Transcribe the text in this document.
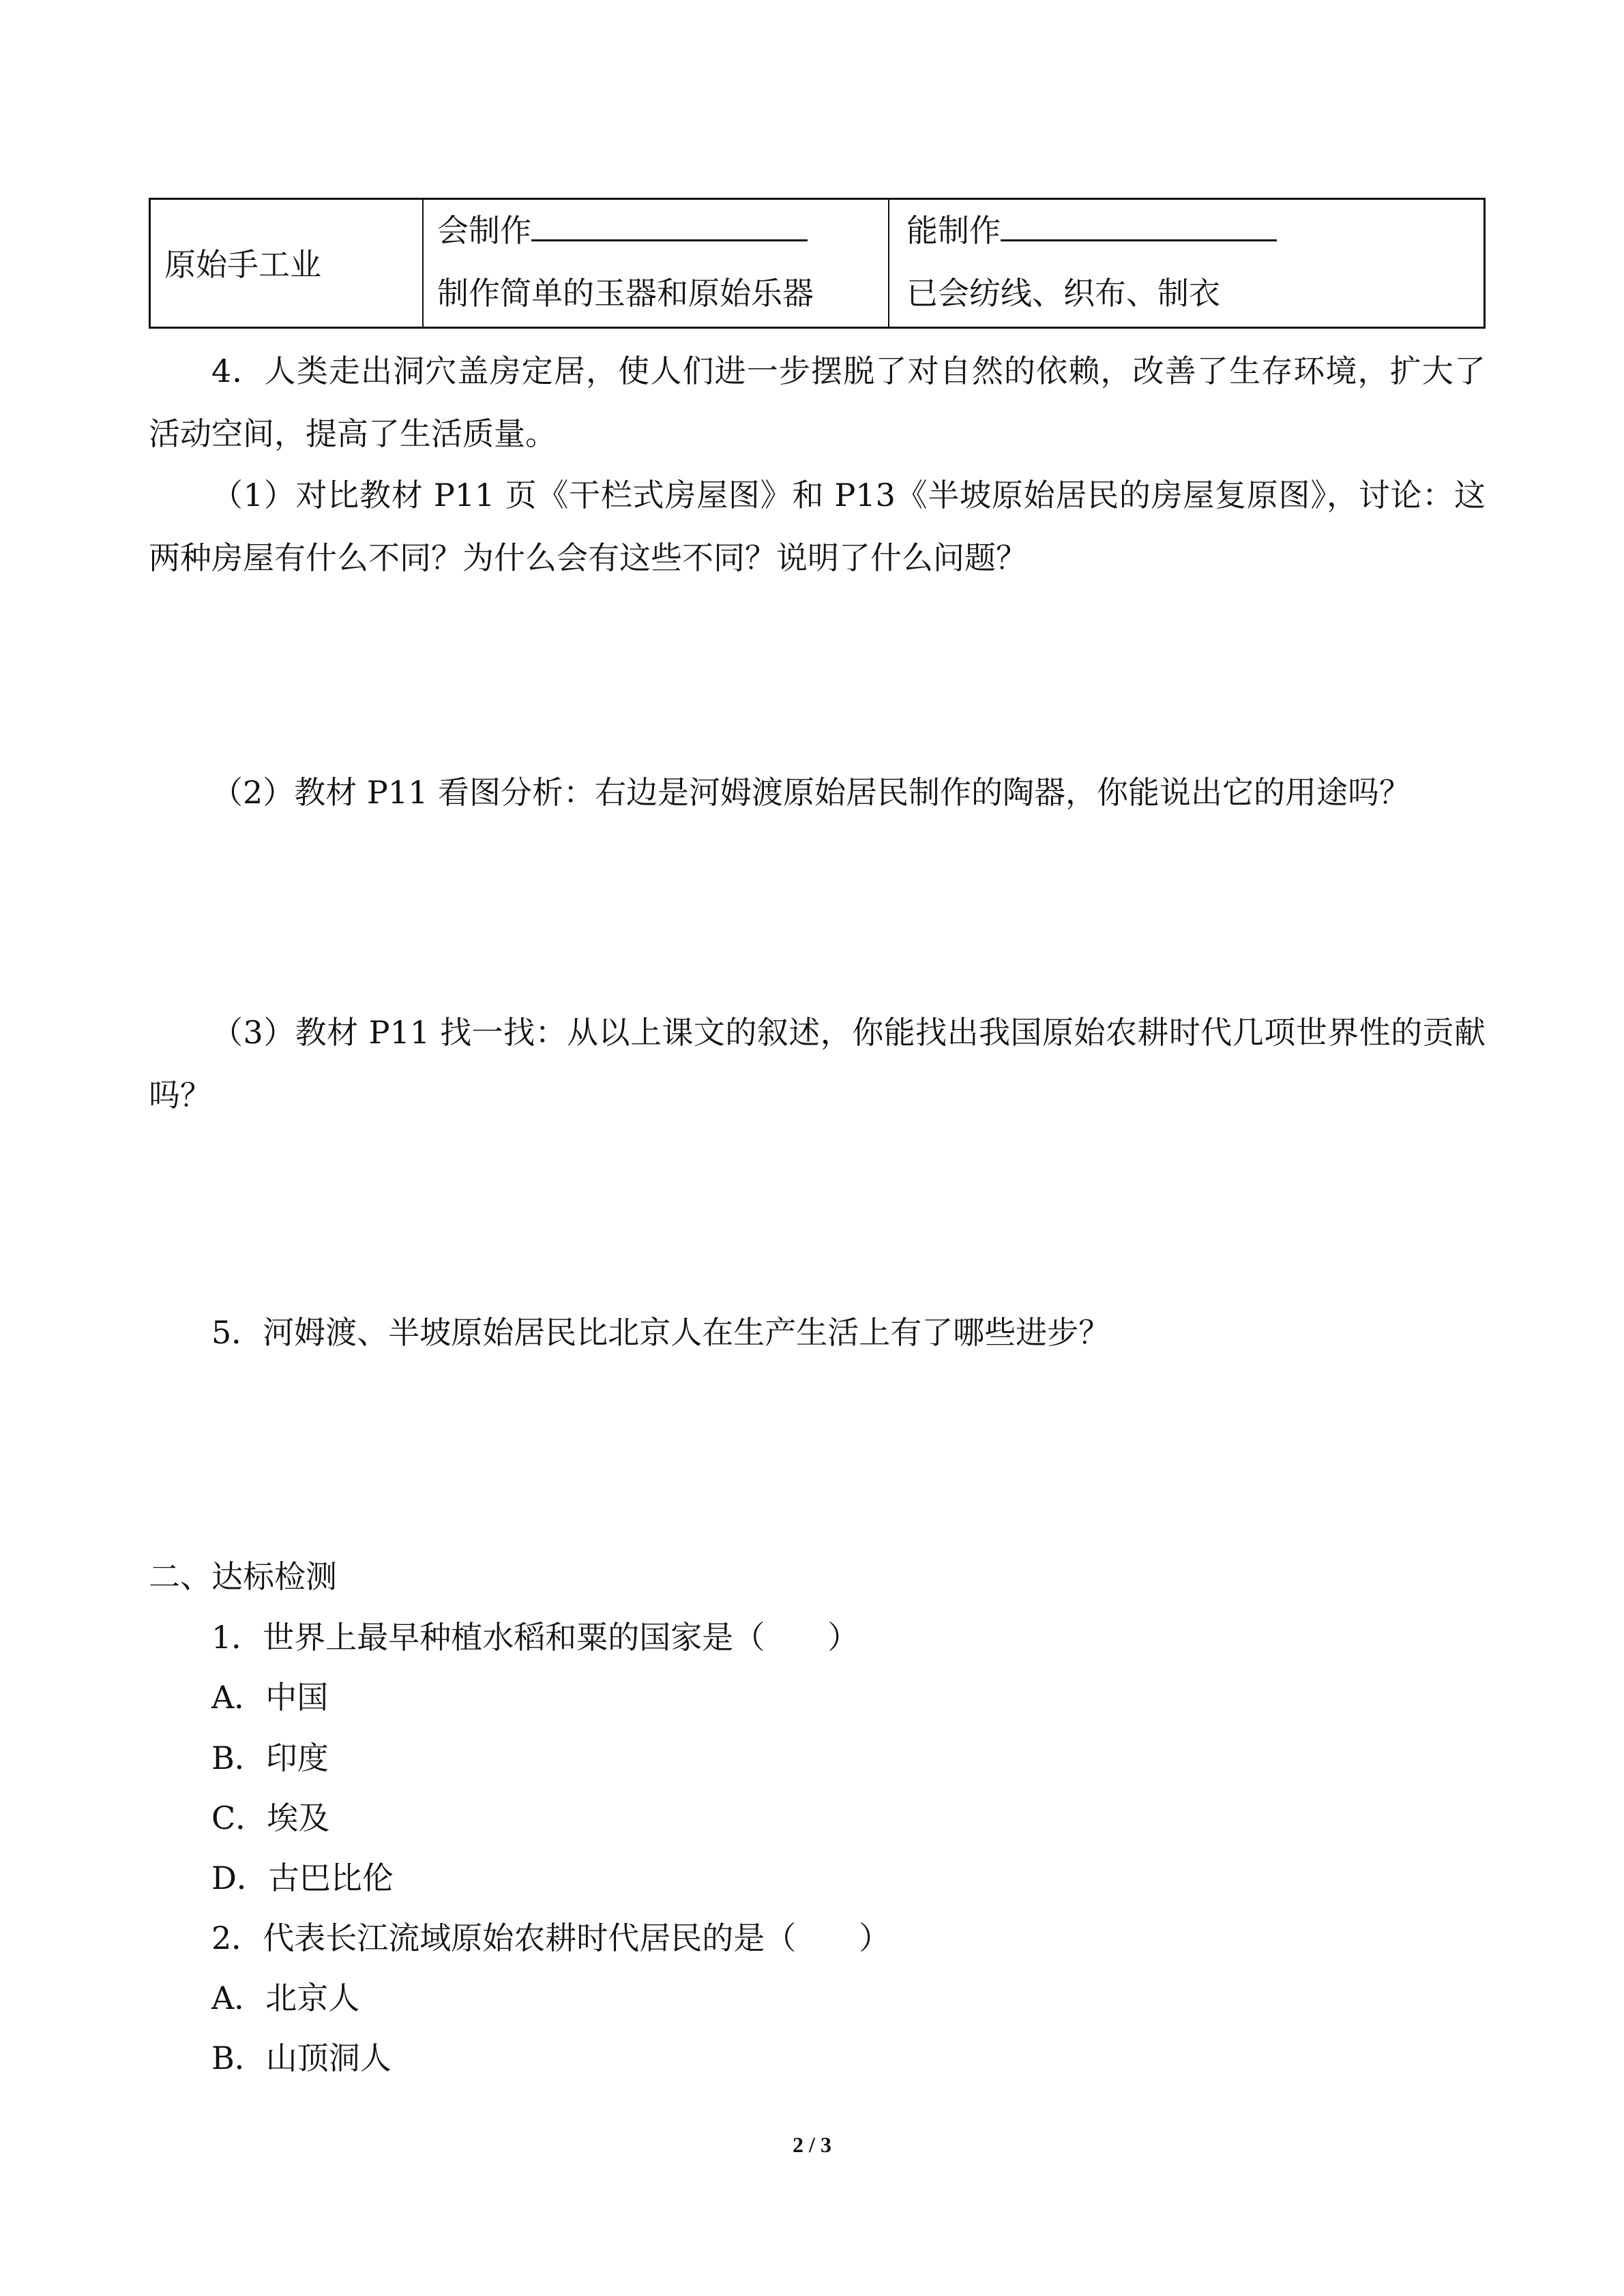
原始手工业
会制作
制作简单的玉器和原始乐器
能制作
已会纺线、织布、制衣
4．人类走出洞穴盖房定居，使人们进一步摆脱了对自然的依赖，改善了生存环境，扩大了活动空间，提高了生活质量。
（1）对比教材 P11 页《干栏式房屋图》和 P13《半坡原始居民的房屋复原图》，讨论：这两种房屋有什么不同？为什么会有这些不同？说明了什么问题？
（2）教材 P11 看图分析：右边是河姆渡原始居民制作的陶器，你能说出它的用途吗？
（3）教材 P11 找一找：从以上课文的叙述，你能找出我国原始农耕时代几项世界性的贡献吗？
5．河姆渡、半坡原始居民比北京人在生产生活上有了哪些进步？
二、达标检测
1．世界上最早种植水稻和粟的国家是（　　）
A．中国
B．印度
C．埃及
D．古巴比伦
2．代表长江流域原始农耕时代居民的是（　　）
A．北京人
B．山顶洞人
2 / 3
